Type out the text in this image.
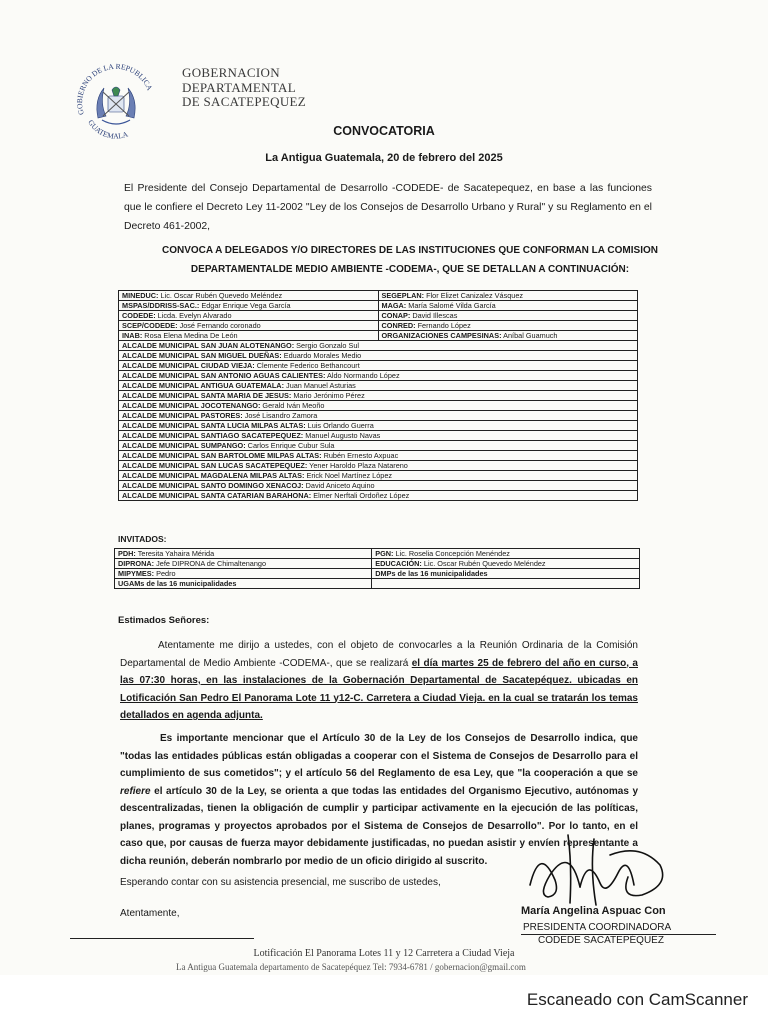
GOBIERNO DE LA REPUBLICA
GUATEMALA
GOBERNACION
DEPARTAMENTAL
DE SACATEPEQUEZ
CONVOCATORIA
La Antigua Guatemala, 20 de febrero del 2025
El Presidente del Consejo Departamental de Desarrollo -CODEDE- de Sacatepequez, en base a las funciones que le confiere el Decreto Ley 11-2002 "Ley de los Consejos de Desarrollo Urbano y Rural" y su Reglamento en el Decreto 461-2002,
CONVOCA A DELEGADOS Y/O DIRECTORES DE LAS INSTITUCIONES QUE CONFORMAN LA COMISION
DEPARTAMENTALDE MEDIO AMBIENTE -CODEMA-, QUE SE DETALLAN A CONTINUACIÓN:
MINEDUC: Lic. Oscar Rubén Quevedo Meléndez	SEGEPLAN: Flor Elizet Canizalez Vásquez
MSPAS/DDRISS-SAC.: Edgar Enrique Vega García	MAGA: María Salomé Vilda García
CODEDE: Licda. Evelyn Alvarado	CONAP: David Illescas
SCEP/CODEDE: José Fernando coronado	CONRED: Fernando López
INAB: Rosa Elena Medina De León	ORGANIZACIONES CAMPESINAS: Aníbal Guamuch
ALCALDE MUNICIPAL SAN JUAN ALOTENANGO: Sergio Gonzalo Sul	
ALCALDE MUNICIPAL SAN MIGUEL DUEÑAS: Eduardo Morales Medio	
ALCALDE MUNICIPAL CIUDAD VIEJA: Clemente Federico Bethancourt	
ALCALDE MUNICIPAL SAN ANTONIO AGUAS CALIENTES: Aldo Normando López	
ALCALDE MUNICIPAL ANTIGUA GUATEMALA: Juan Manuel Asturias	
ALCALDE MUNICIPAL SANTA MARIA DE JESUS: Mario Jerónimo Pérez	
ALCALDE MUNICIPAL JOCOTENANGO: Gerald Iván Meoño	
ALCALDE MUNICIPAL PASTORES: José Lisandro Zamora	
ALCALDE MUNICIPAL SANTA LUCIA MILPAS ALTAS: Luis Orlando Guerra	
ALCALDE MUNICIPAL SANTIAGO SACATEPEQUEZ: Manuel Augusto Navas	
ALCALDE MUNICIPAL SUMPANGO: Carlos Enrique Cubur Sula	
ALCALDE MUNICIPAL SAN BARTOLOME MILPAS ALTAS: Rubén Ernesto Axpuac	
ALCALDE MUNICIPAL SAN LUCAS SACATEPEQUEZ: Yener Haroldo Plaza Natareno	
ALCALDE MUNICIPAL MAGDALENA MILPAS ALTAS: Erick Noel Martínez López	
ALCALDE MUNICIPAL SANTO DOMINGO XENACOJ: David Aniceto Aquino	
ALCALDE MUNICIPAL SANTA CATARIAN BARAHONA: Elmer Nerftali Ordoñez López	
INVITADOS:
PDH: Teresita Yahaira Mérida	PGN: Lic. Roselia Concepción Menéndez
DIPRONA: Jefe DIPRONA de Chimaltenango	EDUCACIÓN: Lic. Oscar Rubén Quevedo Meléndez
MIPYMES: Pedro	DMPs de las 16 municipalidades
UGAMs de las 16 municipalidades	
Estimados Señores:
Atentamente me dirijo a ustedes, con el objeto de convocarles a la Reunión Ordinaria de la Comisión Departamental de Medio Ambiente -CODEMA-, que se realizará el día martes 25 de febrero del año en curso, a las 07:30 horas, en las instalaciones de la Gobernación Departamental de Sacatepéquez. ubicadas en Lotificación San Pedro El Panorama Lote 11 y12-C. Carretera a Ciudad Vieja. en la cual se tratarán los temas detallados en agenda adjunta.
Es importante mencionar que el Artículo 30 de la Ley de los Consejos de Desarrollo indica, que "todas las entidades públicas están obligadas a cooperar con el Sistema de Consejos de Desarrollo para el cumplimiento de sus cometidos"; y el artículo 56 del Reglamento de esa Ley, que "la cooperación a que se refiere el artículo 30 de la Ley, se orienta a que todas las entidades del Organismo Ejecutivo, autónomas y descentralizadas, tienen la obligación de cumplir y participar activamente en la ejecución de las políticas, planes, programas y proyectos aprobados por el Sistema de Consejos de Desarrollo". Por lo tanto, en el caso que, por causas de fuerza mayor debidamente justificadas, no puedan asistir y envíen representante a dicha reunión, deberán nombrarlo por medio de un oficio dirigido al suscrito.
Esperando contar con su asistencia presencial, me suscribo de ustedes,
Atentamente,	María Angelina Aspuac Con
PRESIDENTA COORDINADORA
CODEDE SACATEPÉQUEZ
Lotificación El Panorama Lotes 11 y 12 Carretera a Ciudad Vieja
La Antigua Guatemala departamento de Sacatepéquez Tel: 7934-6781 / gobernacion@gmail.com
Escaneado con CamScanner
